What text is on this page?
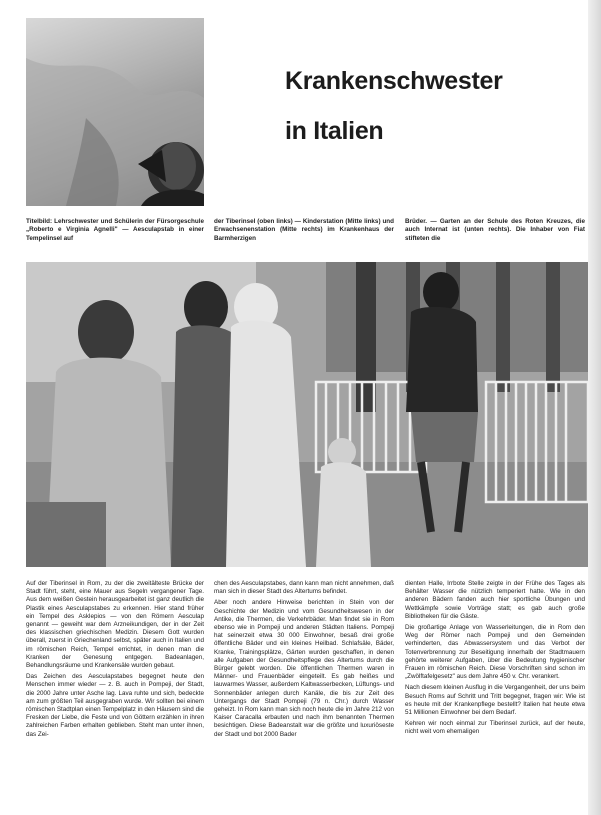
Krankenschwester
in Italien

Titelbild: Lehrschwester und Schülerin der Fürsorgeschule „Roberto e Virginia Agnelli" — Aesculapstab in einer Tempelinsel auf

der Tiberinsel (oben links) — Kinderstation (Mitte links) und Erwachsenenstation (Mitte rechts) im Krankenhaus der Barmherzigen

Brüder. — Garten an der Schule des Roten Kreuzes, die auch Internat ist (unten rechts). Die Inhaber von Fiat stifteten die

Auf der Tiberinsel in Rom, zu der die zweitälteste Brücke der Stadt führt, steht, eine Mauer aus Segeln vergangener Tage. Aus dem weißen Gestein herausgearbeitet ist ganz deutlich die Plastik eines Aesculapstabes zu erkennen. Hier stand früher ein Tempel des Asklepios — von den Römern Aesculap genannt — geweiht war dem Arzneikundigen, der in der Zeit des klassischen griechischen Medizin. Diesem Gott wurden überall, zuerst in Griechenland selbst, später auch in Italien und im römischen Reich, Tempel errichtet, in denen man die Kranken der Genesung entgegen. Badeanlagen, Behandlungsräume und Krankensäle wurden gebaut.

Das Zeichen des Aesculapstabes begegnet heute den Menschen immer wieder — z. B. auch in Pompeji, der Stadt, die 2000 Jahre unter Asche lag. Lava ruhte und sich, bedeckte am zum größten Teil ausgegraben wurde. Wir sollten bei einem römischen Stadtplan einen Tempelplatz in den Häusern sind die Fresken der Liebe, die Feste und von Göttern erzählen in ihren zahlreichen Farben erhalten geblieben. Steht man unter ihnen, das Zei-

chen des Aesculapstabes, dann kann man nicht annehmen, daß man sich in dieser Stadt des Altertums befindet.

Aber noch andere Hinweise berichten in Stein von der Geschichte der Medizin und vom Gesundheitswesen in der Antike, die Thermen, die Verkehrbäder. Man findet sie in Rom ebenso wie in Pompeji und anderen Städten Italiens. Pompeji hat seinerzeit etwa 30 000 Einwohner, besaß drei große öffentliche Bäder und ein kleines Heilbad. Schlafsäle, Bäder, Kranke, Trainingsplätze, Gärten wurden geschaffen, in denen alle Aufgaben der Gesundheitspflege des Altertums durch die Bürger gelebt worden. Die öffentlichen Thermen waren in Männer- und Frauenbäder eingeteilt. Es gab heißes und lauwarmes Wasser, außerdem Kaltwasserbecken, Lüftungs- und Sonnenbäder anlegen durch Kanäle, die bis zur Zeit des Untergangs der Stadt Pompeji (79 n. Chr.) durch Wasser geheizt. In Rom kann man sich noch heute die im Jahre 212 von Kaiser Caracalla erbauten und nach ihm benannten Thermen besichtigen. Diese Badeanstalt war die größte und luxuriöseste der Stadt und bot 2000 Bader

dienten Halle, Irrbote Stelle zeigte in der Frühe des Tages als Behälter Wasser die nützlich temperiert hatte. Wie in den anderen Bädern fanden auch hier sportliche Übungen und Wettkämpfe sowie Vorträge statt; es gab auch große Bibliotheken für die Gäste.

Die großartige Anlage von Wasserleitungen, die in Rom den Weg der Römer nach Pompeji und den Gemeinden verhinderten, das Abwassersystem und das Verbot der Totenverbrennung zur Beseitigung innerhalb der Stadtmauern gehörte weiterer Aufgaben, über die Bedeutung hygienischer Frauen im römischen Reich. Diese Vorschriften sind schon im „Zwölftafelgesetz" aus dem Jahre 450 v. Chr. verankert.

Nach diesem kleinen Ausflug in die Vergangenheit, der uns beim Besuch Roms auf Schritt und Tritt begegnet, fragen wir: Wie ist es heute mit der Krankenpflege bestellt? Italien hat heute etwa 51 Millionen Einwohner bei dem Bedarf.

Kehren wir noch einmal zur Tiberinsel zurück, auf der heute, nicht weit vom ehemaligen
